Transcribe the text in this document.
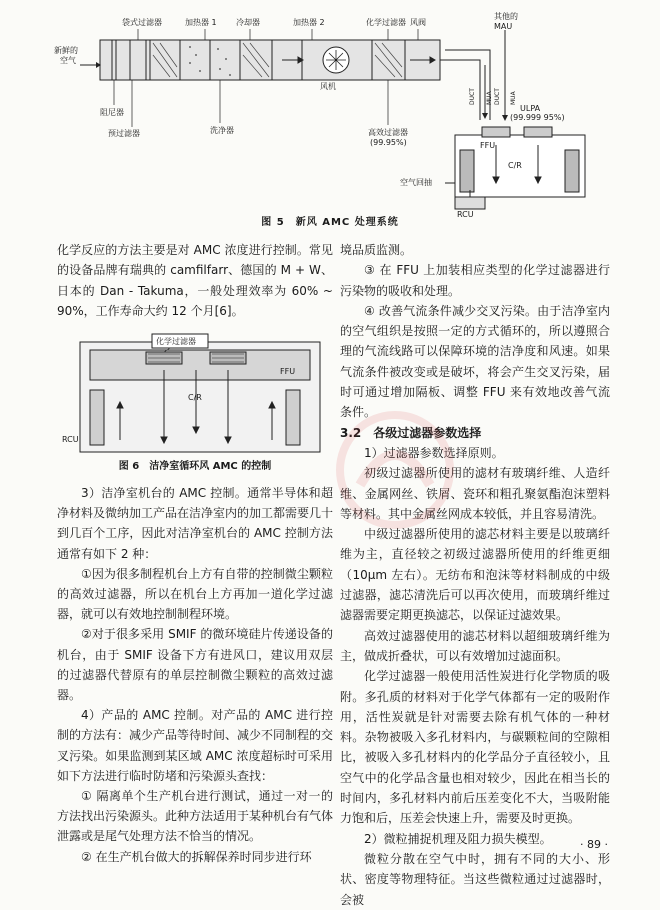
袋式过滤器	加热器 1 冷却器	加热器 2	化学过滤器 风阀
其他的
MAU
新鲜的
空气
阻尼器
预过滤器	洗净器
风机
高效过滤器
(99.95%)
ULPA
(99.999 95%)
FFU
C/R
空气回抽
RCU
DUCT	DUCT
MUA	MUA
图 5　新风 AMC 处理系统

化学反应的方法主要是对 AMC 浓度进行控制。常见的设备品牌有瑞典的 camfilfarr、德国的 M + W、日本的 Dan - Takuma，一般处理效率为 60% ~ 90%，工作寿命大约 12 个月[6]。

化学过滤器
FFU
C/R
RCU
图 6　洁净室循环风 AMC 的控制

3）洁净室机台的 AMC 控制。通常半导体和超净材料及微纳加工产品在洁净室内的加工都需要几十到几百个工序，因此对洁净室机台的 AMC 控制方法通常有如下 2 种：

①因为很多制程机台上方有自带的控制微尘颗粒的高效过滤器，所以在机台上方再加一道化学过滤器，就可以有效地控制制程环境。

②对于很多采用 SMIF 的微环境硅片传递设备的机台，由于 SMIF 设备下方有进风口，建议用双层的过滤器代替原有的单层控制微尘颗粒的高效过滤器。

4）产品的 AMC 控制。对产品的 AMC 进行控制的方法有：减少产品等待时间、减少不同制程的交叉污染。如果监测到某区域 AMC 浓度超标时可采用如下方法进行临时防堵和污染源头查找：

① 隔离单个生产机台进行测试，通过一对一的方法找出污染源头。此种方法适用于某种机台有气体泄露或是尾气处理方法不恰当的情况。

② 在生产机台做大的拆解保养时同步进行环

境品质监测。

③ 在 FFU 上加装相应类型的化学过滤器进行污染物的吸收和处理。

④ 改善气流条件减少交叉污染。由于洁净室内的空气组织是按照一定的方式循环的，所以遵照合理的气流线路可以保障环境的洁净度和风速。如果气流条件被改变或是破坏，将会产生交叉污染，届时可通过增加隔板、调整 FFU 来有效地改善气流条件。

3.2　各级过滤器参数选择

1）过滤器参数选择原则。

初级过滤器所使用的滤材有玻璃纤维、人造纤维、金属网丝、铁屑、瓷环和粗孔聚氨酯泡沫塑料等材料。其中金属丝网成本较低，并且容易清洗。

中级过滤器所使用的滤芯材料主要是以玻璃纤维为主，直径较之初级过滤器所使用的纤维更细（10μm 左右）。无纺布和泡沫等材料制成的中级过滤器，滤芯清洗后可以再次使用，而玻璃纤维过滤器需要定期更换滤芯，以保证过滤效果。

高效过滤器使用的滤芯材料以超细玻璃纤维为主，做成折叠状，可以有效增加过滤面积。

化学过滤器一般使用活性炭进行化学物质的吸附。多孔质的材料对于化学气体都有一定的吸附作用，活性炭就是针对需要去除有机气体的一种材料。杂物被吸入多孔材料内，与碳颗粒间的空隙相比，被吸入多孔材料内的化学品分子直径较小，且空气中的化学品含量也相对较少，因此在相当长的时间内，多孔材料内前后压差变化不大，当吸附能力饱和后，压差会快速上升，需要及时更换。

2）微粒捕捉机理及阻力损失模型。

微粒分散在空气中时，拥有不同的大小、形状、密度等物理特征。当这些微粒通过过滤器时，会被

· 89 ·
